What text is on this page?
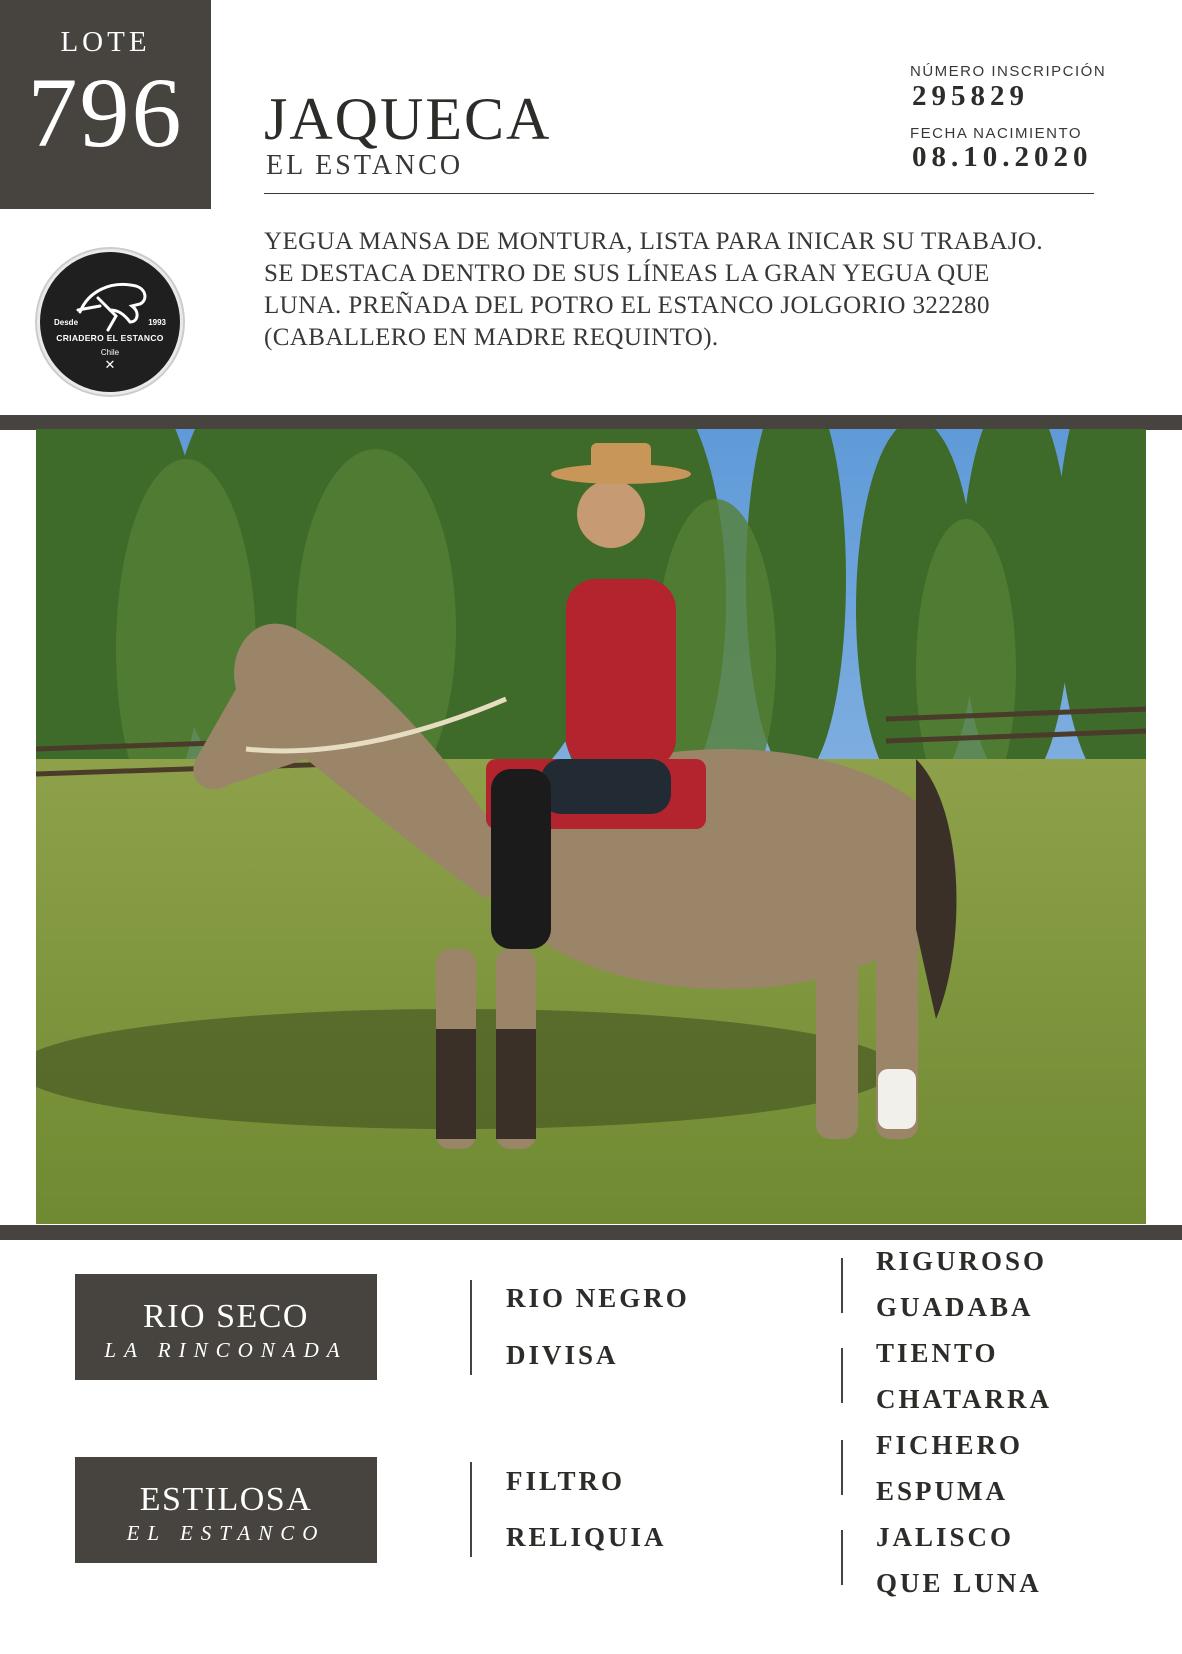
LOTE
796
Desde	1993
CRIADERO EL ESTANCO
Chile
✕
JAQUECA
EL ESTANCO
NÚMERO INSCRIPCIÓN
295829
FECHA NACIMIENTO
08.10.2020
YEGUA MANSA DE MONTURA, LISTA PARA INICAR SU TRABAJO. SE DESTACA DENTRO DE SUS LÍNEAS LA GRAN YEGUA QUE LUNA. PREÑADA DEL POTRO EL ESTANCO JOLGORIO 322280 (CABALLERO EN MADRE REQUINTO).
RIO SECO
LA RINCONADA
ESTILOSA
EL ESTANCO
RIO NEGRO
DIVISA
FILTRO
RELIQUIA
RIGUROSO
GUADABA
TIENTO
CHATARRA
FICHERO
ESPUMA
JALISCO
QUE LUNA
